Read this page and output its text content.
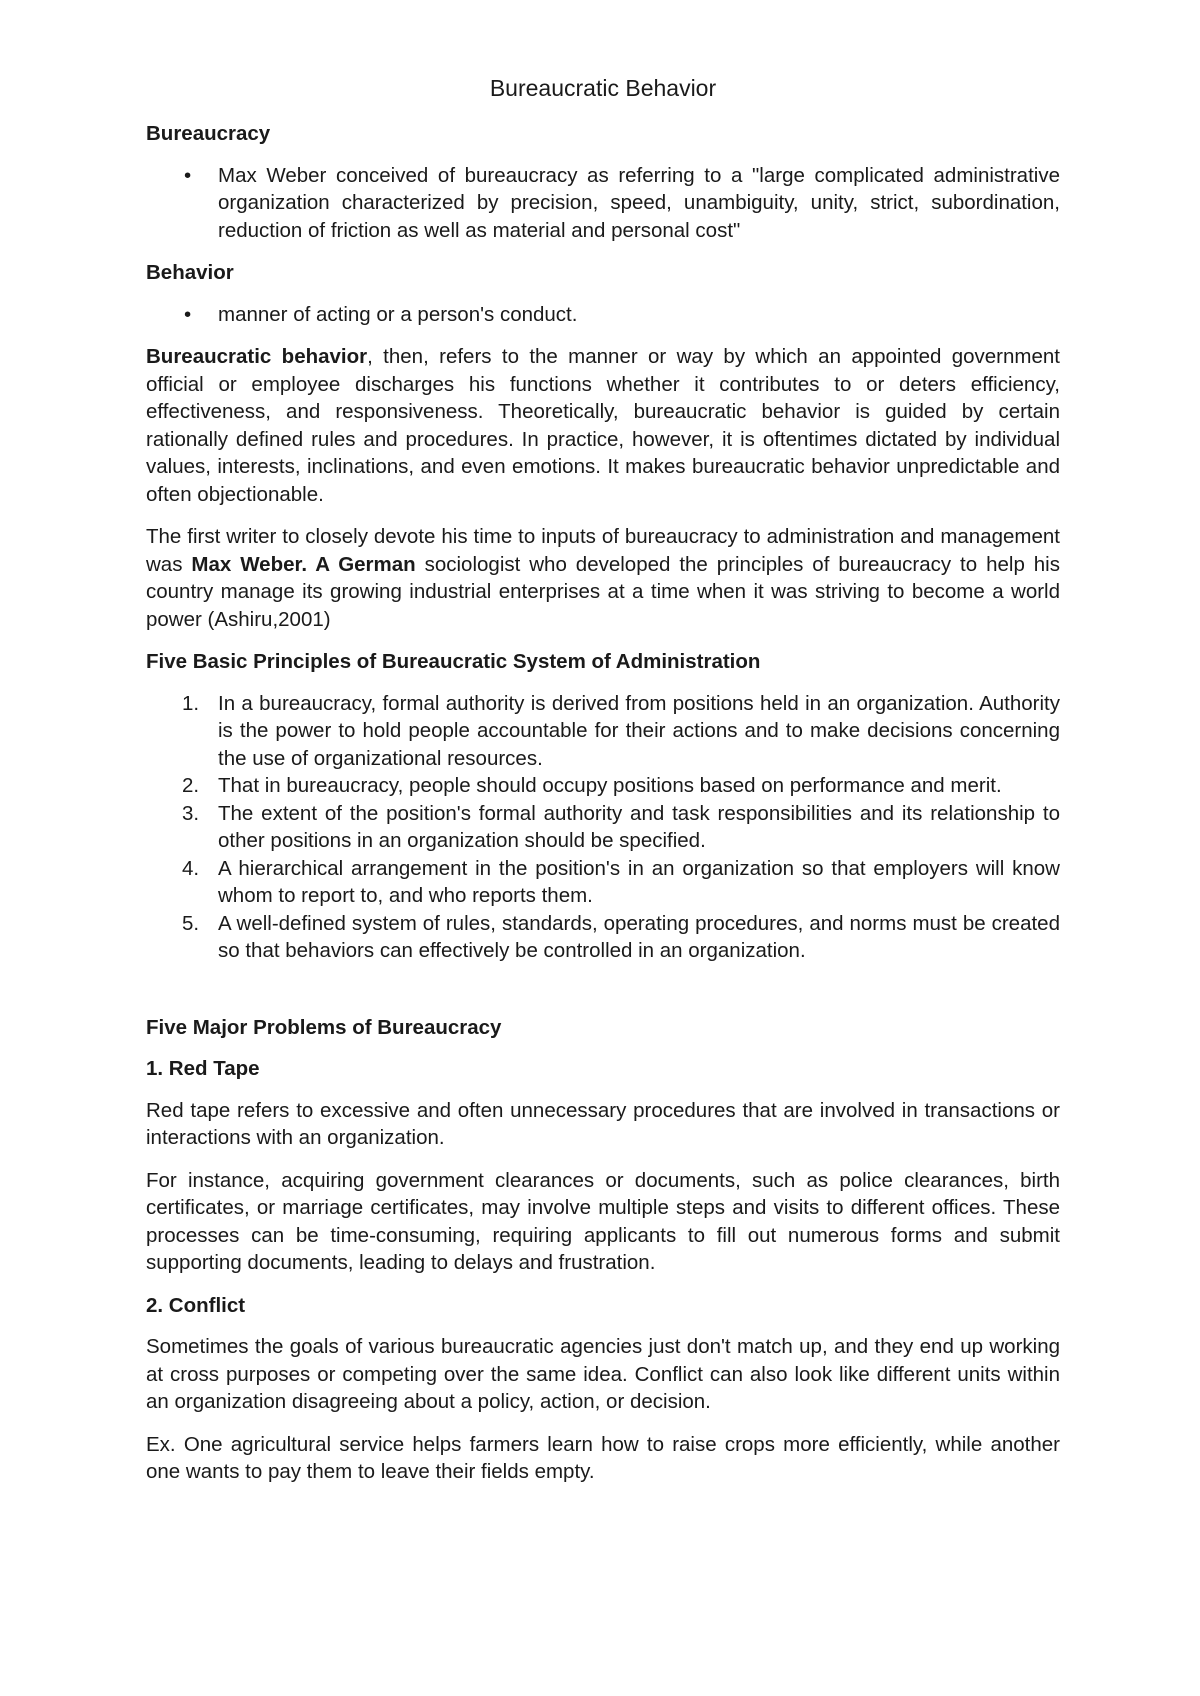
Bureaucratic Behavior
Bureaucracy
• Max Weber conceived of bureaucracy as referring to a "large complicated administrative organization characterized by precision, speed, unambiguity, unity, strict, subordination, reduction of friction as well as material and personal cost"
Behavior
• manner of acting or a person's conduct.

Bureaucratic behavior, then, refers to the manner or way by which an appointed government official or employee discharges his functions whether it contributes to or deters efficiency, effectiveness, and responsiveness. Theoretically, bureaucratic behavior is guided by certain rationally defined rules and procedures. In practice, however, it is oftentimes dictated by individual values, interests, inclinations, and even emotions. It makes bureaucratic behavior unpredictable and often objectionable.

The first writer to closely devote his time to inputs of bureaucracy to administration and management was Max Weber. A German sociologist who developed the principles of bureaucracy to help his country manage its growing industrial enterprises at a time when it was striving to become a world power (Ashiru,2001)

Five Basic Principles of Bureaucratic System of Administration
1. In a bureaucracy, formal authority is derived from positions held in an organization. Authority is the power to hold people accountable for their actions and to make decisions concerning the use of organizational resources.
2. That in bureaucracy, people should occupy positions based on performance and merit.
3. The extent of the position's formal authority and task responsibilities and its relationship to other positions in an organization should be specified.
4. A hierarchical arrangement in the position's in an organization so that employers will know whom to report to, and who reports them.
5. A well-defined system of rules, standards, operating procedures, and norms must be created so that behaviors can effectively be controlled in an organization.
Five Major Problems of Bureaucracy
1. Red Tape

Red tape refers to excessive and often unnecessary procedures that are involved in transactions or interactions with an organization.

For instance, acquiring government clearances or documents, such as police clearances, birth certificates, or marriage certificates, may involve multiple steps and visits to different offices. These processes can be time-consuming, requiring applicants to fill out numerous forms and submit supporting documents, leading to delays and frustration.

2. Conflict

Sometimes the goals of various bureaucratic agencies just don't match up, and they end up working at cross purposes or competing over the same idea. Conflict can also look like different units within an organization disagreeing about a policy, action, or decision.

Ex. One agricultural service helps farmers learn how to raise crops more efficiently, while another one wants to pay them to leave their fields empty.
